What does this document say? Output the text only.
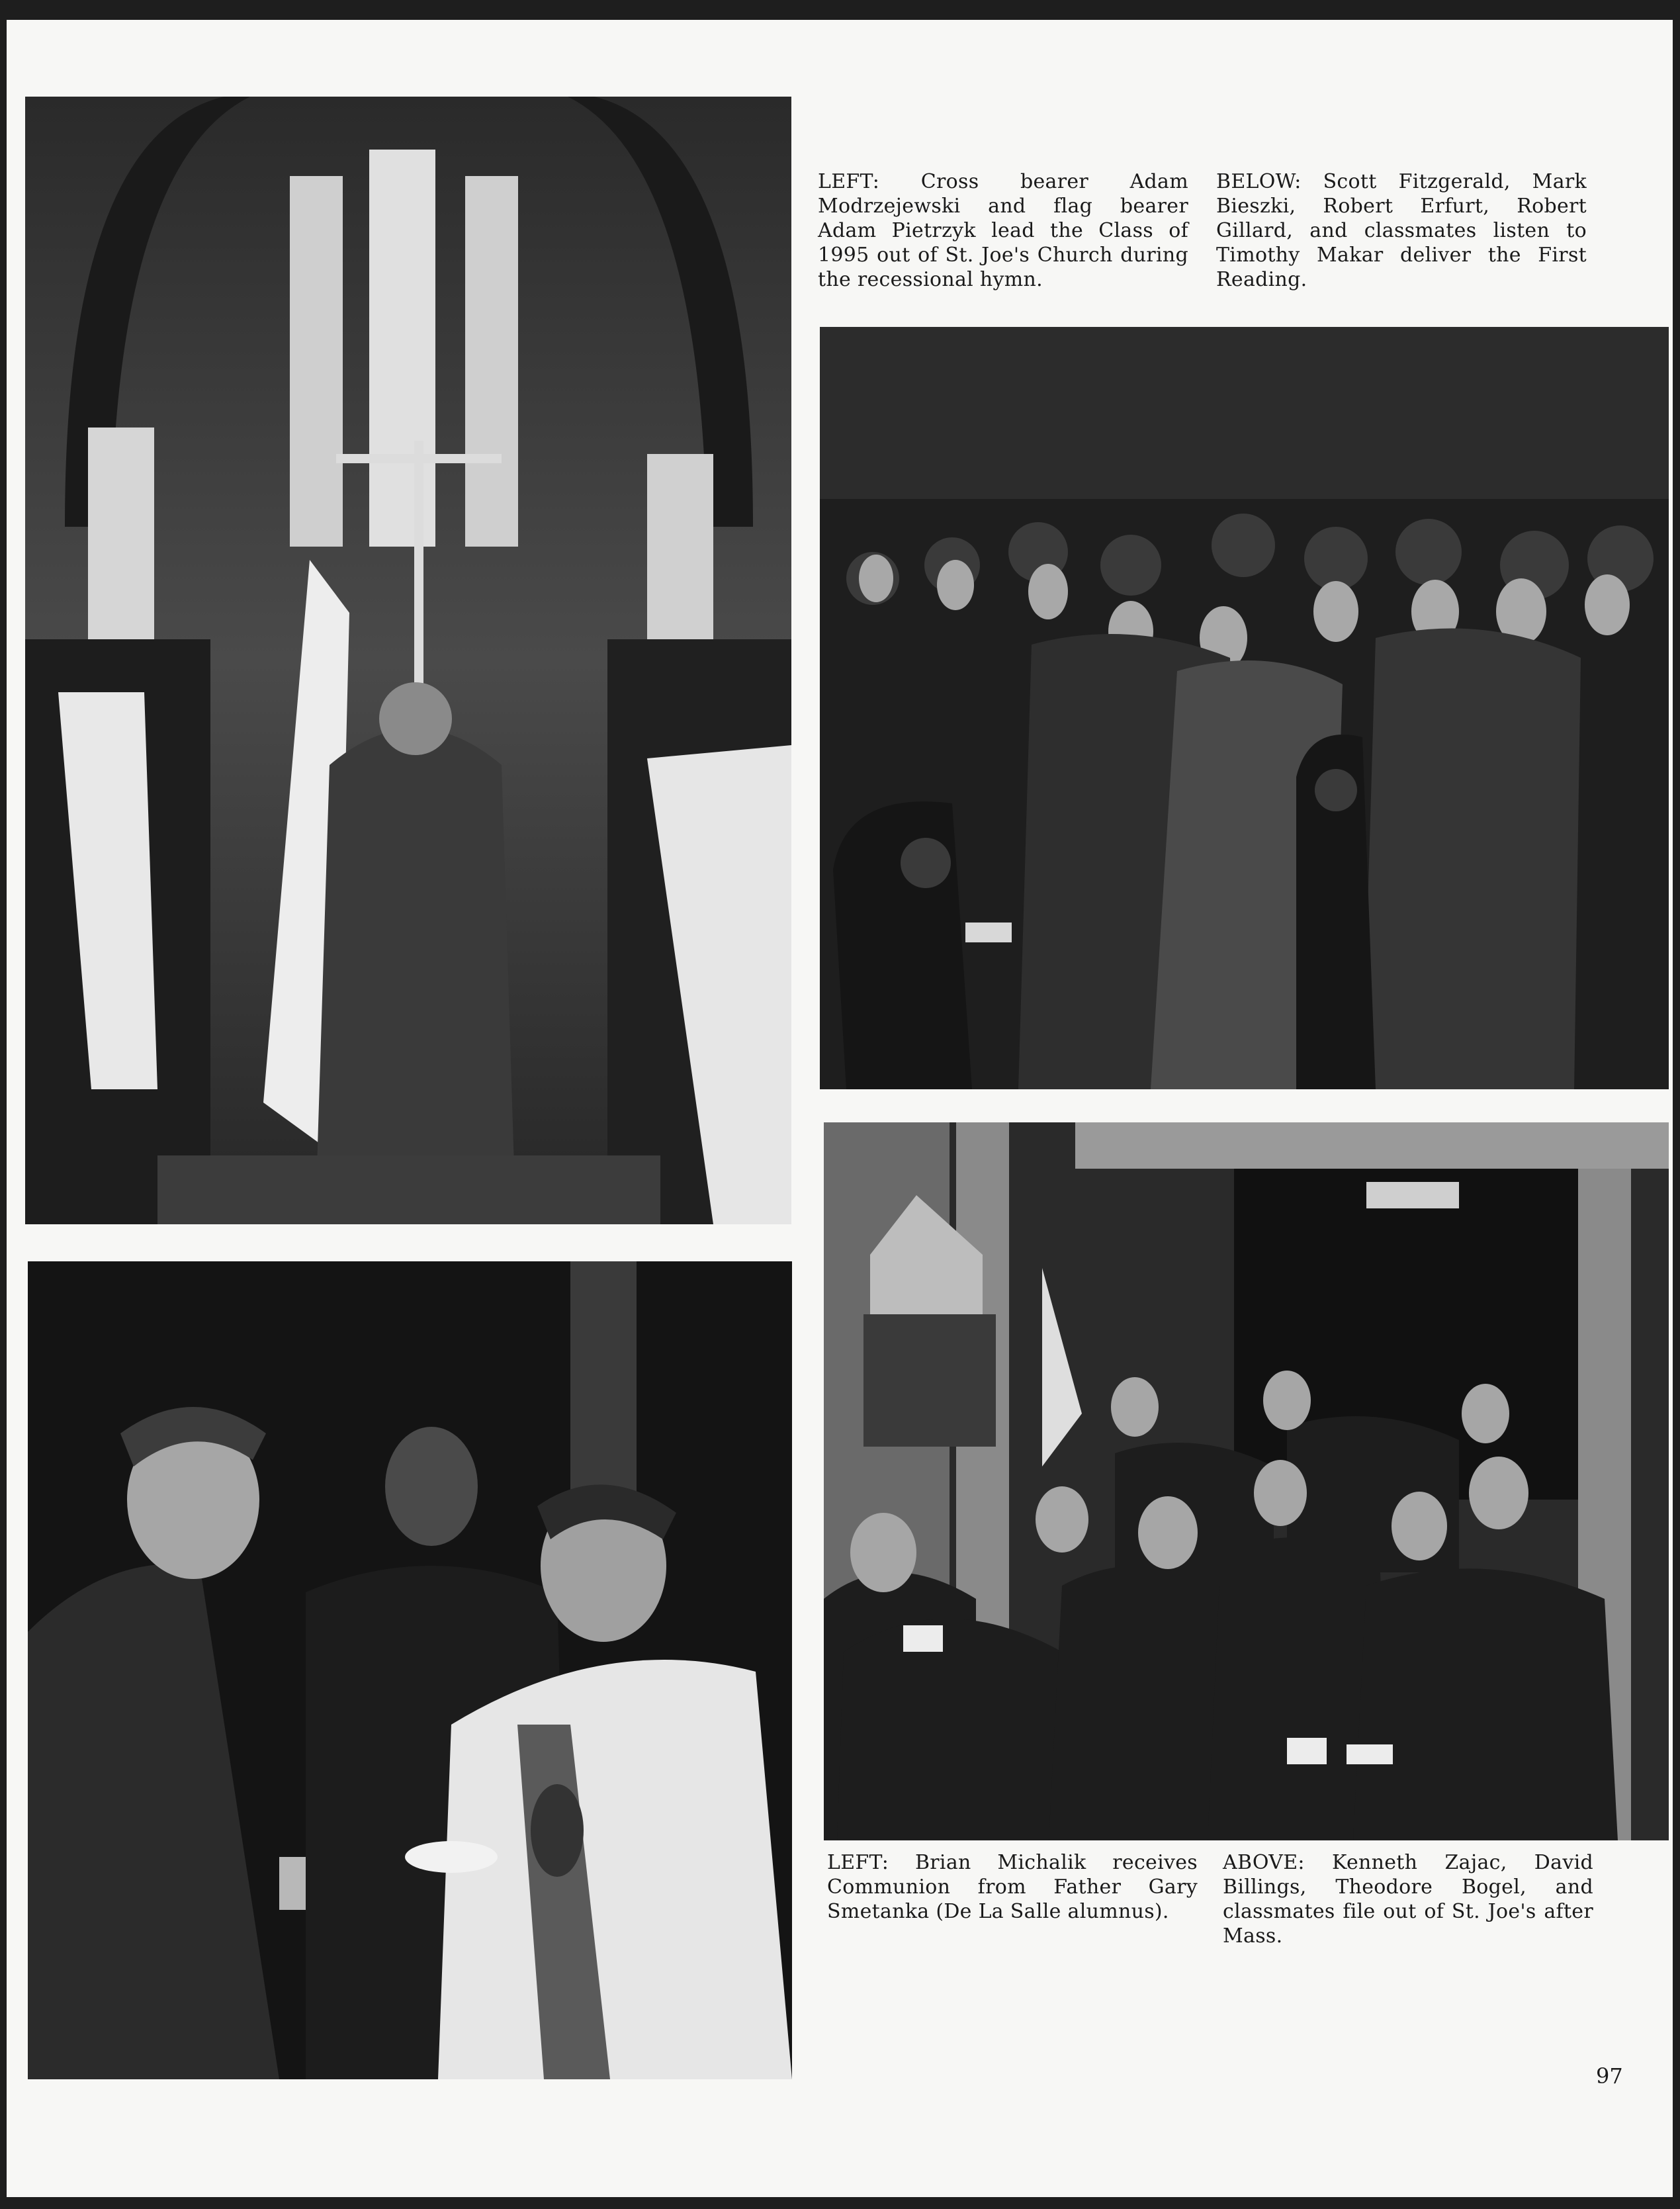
LEFT: Cross bearer Adam Modrzejewski and flag bearer Adam Pietrzyk lead the Class of 1995 out of St. Joe's Church during the recessional hymn.
BELOW: Scott Fitzgerald, Mark Bieszki, Robert Erfurt, Robert Gillard, and classmates listen to Timothy Makar deliver the First Reading.
LEFT: Brian Michalik receives Communion from Father Gary Smetanka (De La Salle alumnus).
ABOVE: Kenneth Zajac, David Billings, Theodore Bogel, and classmates file out of St. Joe's after Mass.
97
